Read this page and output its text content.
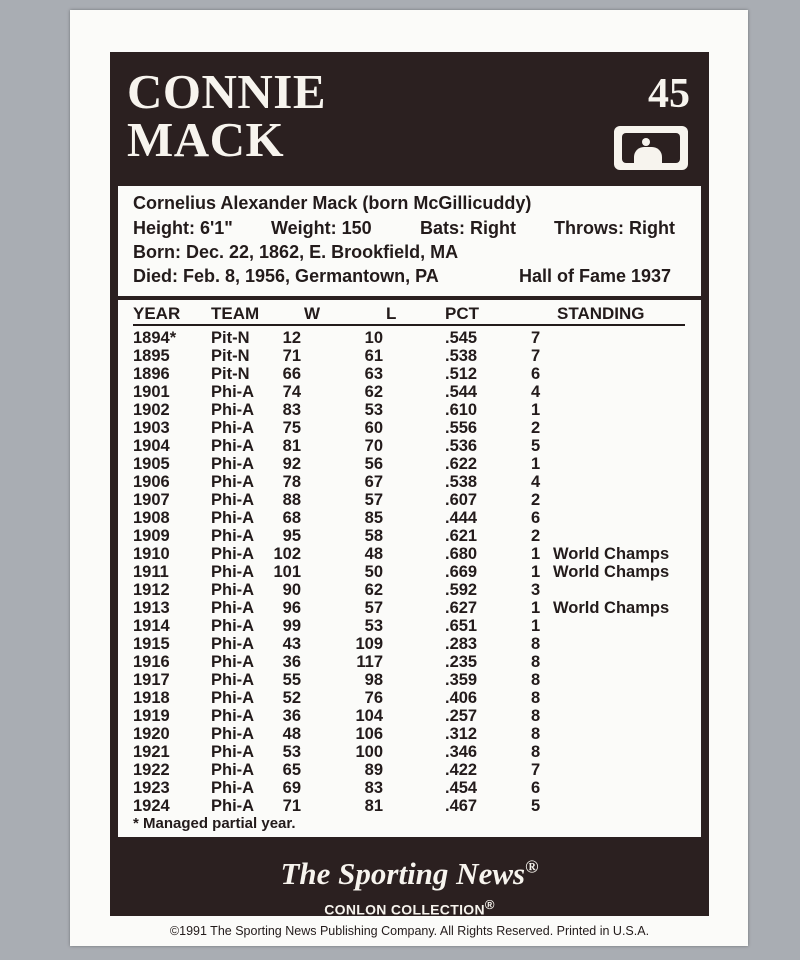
CONNIE
MACK
45
Cornelius Alexander Mack (born McGillicuddy)
Height: 6'1" Weight: 150	Bats: Right Throws: Right
Born: Dec. 22, 1862, E. Brookfield, MA
Died: Feb. 8, 1956, Germantown, PA	Hall of Fame 1937
YEAR TEAM	W	L	PCT	STANDING
1894* Pit-N 12	10	.545	7
1895	Pit-N 71	61	.538	7
1896	Pit-N 66	63	.512	6
1901	Phi-A 74	62	.544	4
1902	Phi-A 83	53	.610	1
1903	Phi-A 75	60	.556	2
1904	Phi-A 81	70	.536	5
1905	Phi-A 92	56	.622	1
1906	Phi-A 78	67	.538	4
1907	Phi-A 88	57	.607	2
1908	Phi-A 68	85	.444	6
1909	Phi-A 95	58	.621	2
1910	Phi-A 102	48	.680	1 World Champs
1911	Phi-A 101	50	.669	1 World Champs
1912	Phi-A 90	62	.592	3
1913	Phi-A 96	57	.627	1 World Champs
1914	Phi-A 99	53	.651	1
1915	Phi-A 43	109	.283	8
1916	Phi-A 36	117	.235	8
1917	Phi-A 55	98	.359	8
1918	Phi-A 52	76	.406	8
1919	Phi-A 36	104	.257	8
1920	Phi-A 48	106	.312	8
1921	Phi-A 53	100	.346	8
1922	Phi-A 65	89	.422	7
1923	Phi-A 69	83	.454	6
1924	Phi-A 71	81	.467	5
* Managed partial year.
The Sporting News®
CONLON COLLECTION®
©1991 The Sporting News Publishing Company. All Rights Reserved. Printed in U.S.A.
